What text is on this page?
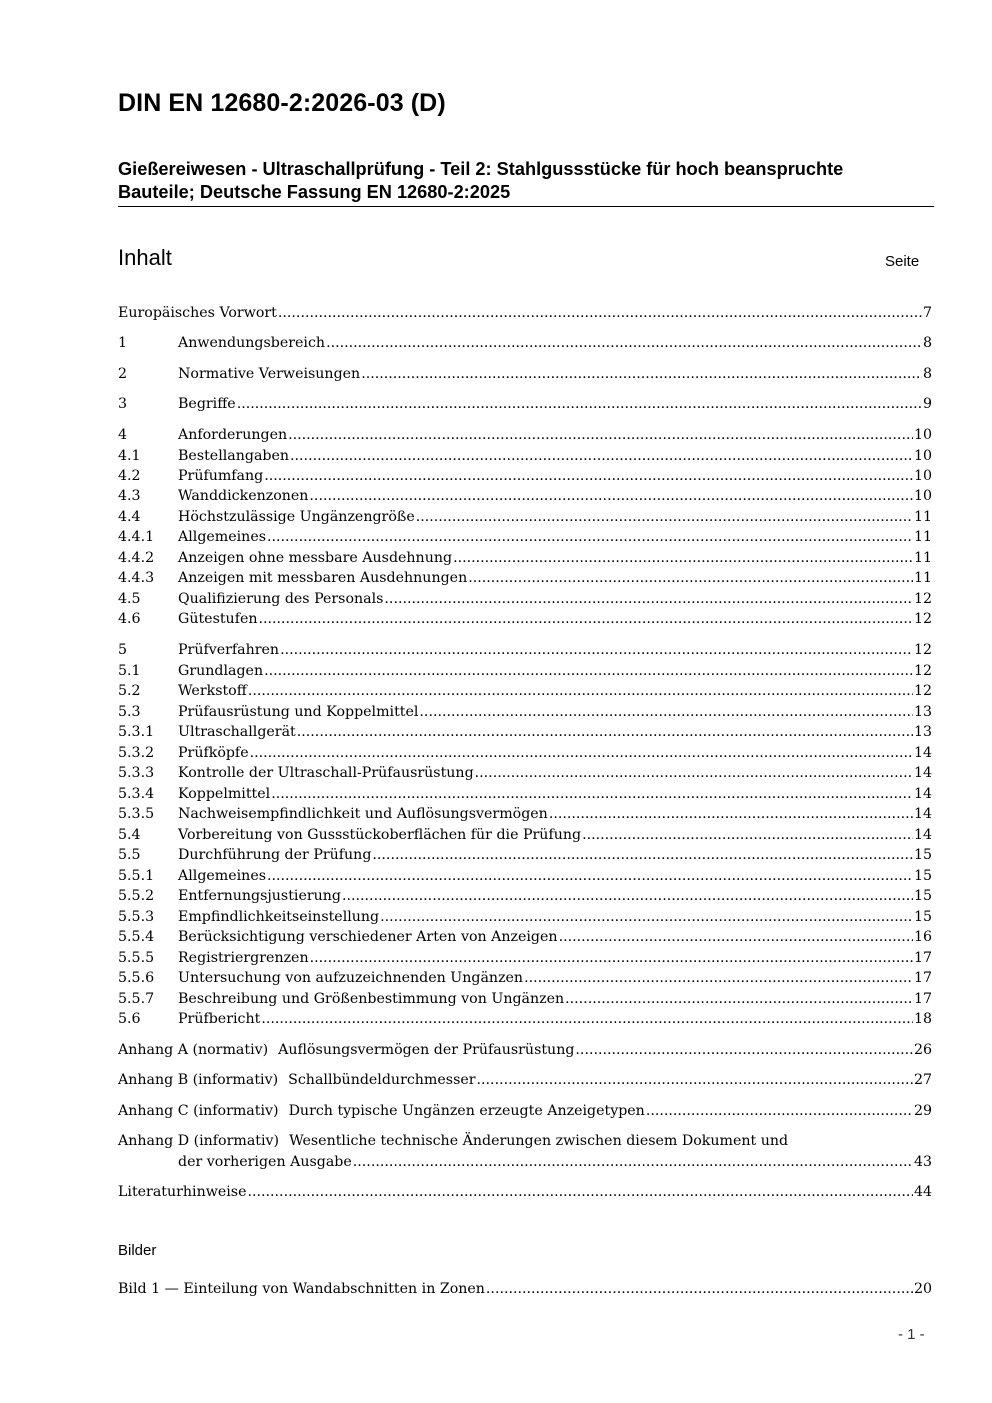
DIN EN 12680-2:2026-03 (D)
Gießereiwesen - Ultraschallprüfung - Teil 2: Stahlgussstücke für hoch beanspruchte
Bauteile; Deutsche Fassung EN 12680-2:2025
Inhalt	Seite
Europäisches Vorwort .....	7
1	Anwendungsbereich .....	8
2	Normative Verweisungen .....	8
3	Begriffe .....	9
4	Anforderungen .....	10
4.1	Bestellangaben .....	10
4.2	Prüfumfang .....	10
4.3	Wanddickenzonen .....	10
4.4	Höchstzulässige Ungänzengröße .....	11
4.4.1 Allgemeines .....	11
4.4.2 Anzeigen ohne messbare Ausdehnung .....	11
4.4.3 Anzeigen mit messbaren Ausdehnungen .....	11
4.5	Qualifizierung des Personals .....	12
4.6	Gütestufen .....	12
5	Prüfverfahren .....	12
5.1	Grundlagen .....	12
5.2	Werkstoff .....	12
5.3	Prüfausrüstung und Koppelmittel .....	13
5.3.1 Ultraschallgerät .....	13
5.3.2 Prüfköpfe .....	14
5.3.3 Kontrolle der Ultraschall-Prüfausrüstung .....	14
5.3.4 Koppelmittel .....	14
5.3.5 Nachweisempfindlichkeit und Auflösungsvermögen .....	14
5.4	Vorbereitung von Gussstückoberflächen für die Prüfung .....	14
5.5	Durchführung der Prüfung .....	15
5.5.1 Allgemeines .....	15
5.5.2 Entfernungsjustierung .....	15
5.5.3 Empfindlichkeitseinstellung .....	15
5.5.4 Berücksichtigung verschiedener Arten von Anzeigen .....	16
5.5.5 Registriergrenzen .....	17
5.5.6 Untersuchung von aufzuzeichnenden Ungänzen .....	17
5.5.7 Beschreibung und Größenbestimmung von Ungänzen .....	17
5.6	Prüfbericht .....	18
Anhang A (normativ) Auflösungsvermögen der Prüfausrüstung .....	26
Anhang B (informativ) Schallbündeldurchmesser .....	27
Anhang C (informativ) Durch typische Ungänzen erzeugte Anzeigetypen .....	29
Anhang D (informativ) Wesentliche technische Änderungen zwischen diesem Dokument und
der vorherigen Ausgabe .....	43
Literaturhinweise .....	44
Bild 1 — Einteilung von Wandabschnitten in Zonen .....	20
Bilder
- 1 -
